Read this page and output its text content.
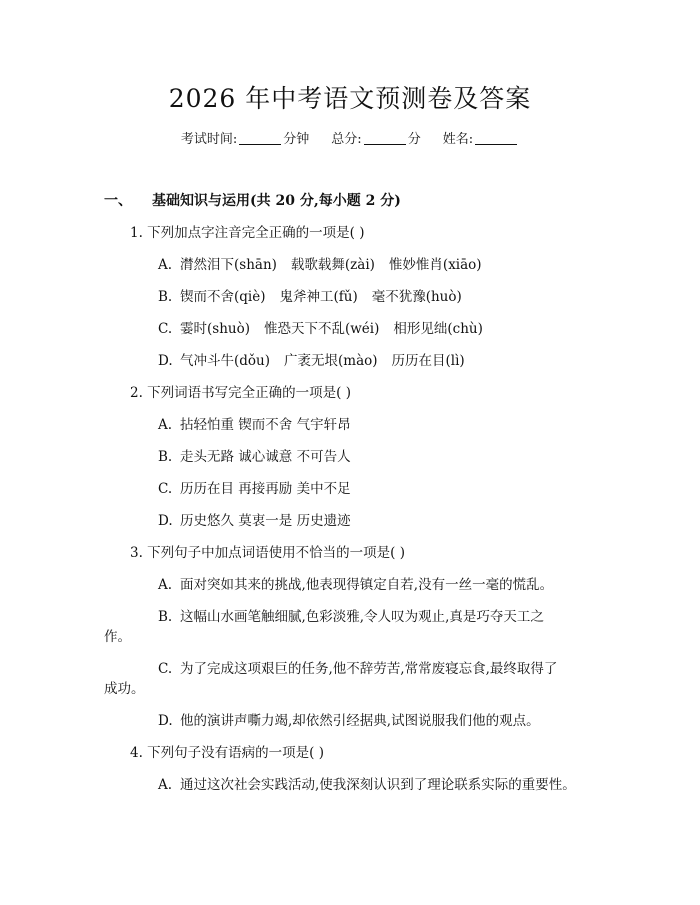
2026 年中考语文预测卷及答案
考试时间:	分钟 总分:	分 姓名:
一、 基础知识与运用(共 20 分,每小题 2 分)
1. 下列加点字注音完全正确的一项是( )
A. 潸然泪下(shān) 载歌载舞(zài) 惟妙惟肖(xiāo)
B. 锲而不舍(qiè) 鬼斧神工(fǔ) 毫不犹豫(huò)
C. 霎时(shuò) 惟恐天下不乱(wéi) 相形见绌(chù)
D. 气冲斗牛(dǒu) 广袤无垠(mào) 历历在目(lì)
2. 下列词语书写完全正确的一项是( )
A. 拈轻怕重 锲而不舍 气宇轩昂
B. 走头无路 诚心诚意 不可告人
C. 历历在目 再接再励 美中不足
D. 历史悠久 莫衷一是 历史遗迹
3. 下列句子中加点词语使用不恰当的一项是( )
A. 面对突如其来的挑战,他表现得镇定自若,没有一丝一毫的慌乱。
B. 这幅山水画笔触细腻,色彩淡雅,令人叹为观止,真是巧夺天工之
作。
C. 为了完成这项艰巨的任务,他不辞劳苦,常常废寝忘食,最终取得了
成功。
D. 他的演讲声嘶力竭,却依然引经据典,试图说服我们他的观点。
4. 下列句子没有语病的一项是( )
A. 通过这次社会实践活动,使我深刻认识到了理论联系实际的重要性。
